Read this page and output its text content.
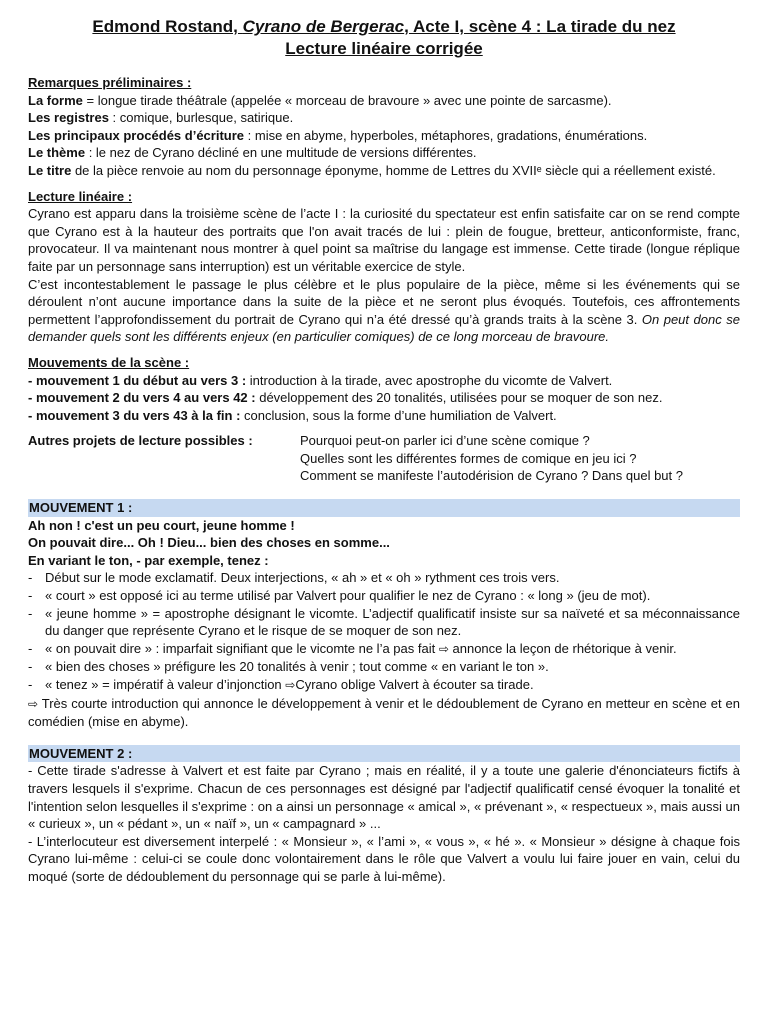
Edmond Rostand, Cyrano de Bergerac, Acte I, scène 4 : La tirade du nez
Lecture linéaire corrigée
Remarques préliminaires :

La forme = longue tirade théâtrale (appelée « morceau de bravoure » avec une pointe de sarcasme).

Les registres : comique, burlesque, satirique.

Les principaux procédés d’écriture : mise en abyme, hyperboles, métaphores, gradations, énumérations.

Le thème : le nez de Cyrano décliné en une multitude de versions différentes.

Le titre de la pièce renvoie au nom du personnage éponyme, homme de Lettres du XVIIᵉ siècle qui a réellement existé.

Lecture linéaire :

Cyrano est apparu dans la troisième scène de l’acte I : la curiosité du spectateur est enfin satisfaite car on se rend compte que Cyrano est à la hauteur des portraits que l'on avait tracés de lui : plein de fougue, bretteur, anticonformiste, franc, provocateur. Il va maintenant nous montrer à quel point sa maîtrise du langage est immense. Cette tirade (longue réplique faite par un personnage sans interruption) est un véritable exercice de style.

C’est incontestablement le passage le plus célèbre et le plus populaire de la pièce, même si les événements qui se déroulent n’ont aucune importance dans la suite de la pièce et ne seront plus évoqués. Toutefois, ces affrontements permettent l’approfondissement du portrait de Cyrano qui n’a été dressé qu’à grands traits à la scène 3. On peut donc se demander quels sont les différents enjeux (en particulier comiques) de ce long morceau de bravoure.

Mouvements de la scène :

- mouvement 1 du début au vers 3 : introduction à la tirade, avec apostrophe du vicomte de Valvert.

- mouvement 2 du vers 4 au vers 42 : développement des 20 tonalités, utilisées pour se moquer de son nez.

- mouvement 3 du vers 43 à la fin : conclusion, sous la forme d’une humiliation de Valvert.

Autres projets de lecture possibles :	Pourquoi peut-on parler ici d’une scène comique ?
Quelles sont les différentes formes de comique en jeu ici ?
Comment se manifeste l’autodérision de Cyrano ? Dans quel but ?
MOUVEMENT 1 :
Ah non ! c'est un peu court, jeune homme !
On pouvait dire... Oh ! Dieu... bien des choses en somme...
En variant le ton, - par exemple, tenez :
- Début sur le mode exclamatif. Deux interjections, « ah » et « oh » rythment ces trois vers.
- « court » est opposé ici au terme utilisé par Valvert pour qualifier le nez de Cyrano : « long » (jeu de mot).
- « jeune homme » = apostrophe désignant le vicomte. L’adjectif qualificatif insiste sur sa naïveté et sa méconnaissance du danger que représente Cyrano et le risque de se moquer de son nez.
- « on pouvait dire » : imparfait signifiant que le vicomte ne l’a pas fait ⇨ annonce la leçon de rhétorique à venir.
- « bien des choses » préfigure les 20 tonalités à venir ; tout comme « en variant le ton ».
- « tenez » = impératif à valeur d’injonction ⇨Cyrano oblige Valvert à écouter sa tirade.

⇨ Très courte introduction qui annonce le développement à venir et le dédoublement de Cyrano en metteur en scène et en comédien (mise en abyme).

MOUVEMENT 2 :

- Cette tirade s'adresse à Valvert et est faite par Cyrano ; mais en réalité, il y a toute une galerie d'énonciateurs fictifs à travers lesquels il s'exprime. Chacun de ces personnages est désigné par l'adjectif qualificatif censé évoquer la tonalité et l'intention selon lesquelles il s'exprime : on a ainsi un personnage « amical », « prévenant », « respectueux », mais aussi un « curieux », un « pédant », un « naïf », un « campagnard » ...

- L’interlocuteur est diversement interpelé : « Monsieur », « l’ami », « vous », « hé ». « Monsieur » désigne à chaque fois Cyrano lui-même : celui-ci se coule donc volontairement dans le rôle que Valvert a voulu lui faire jouer en vain, celui du moqué (sorte de dédoublement du personnage qui se parle à lui-même).
